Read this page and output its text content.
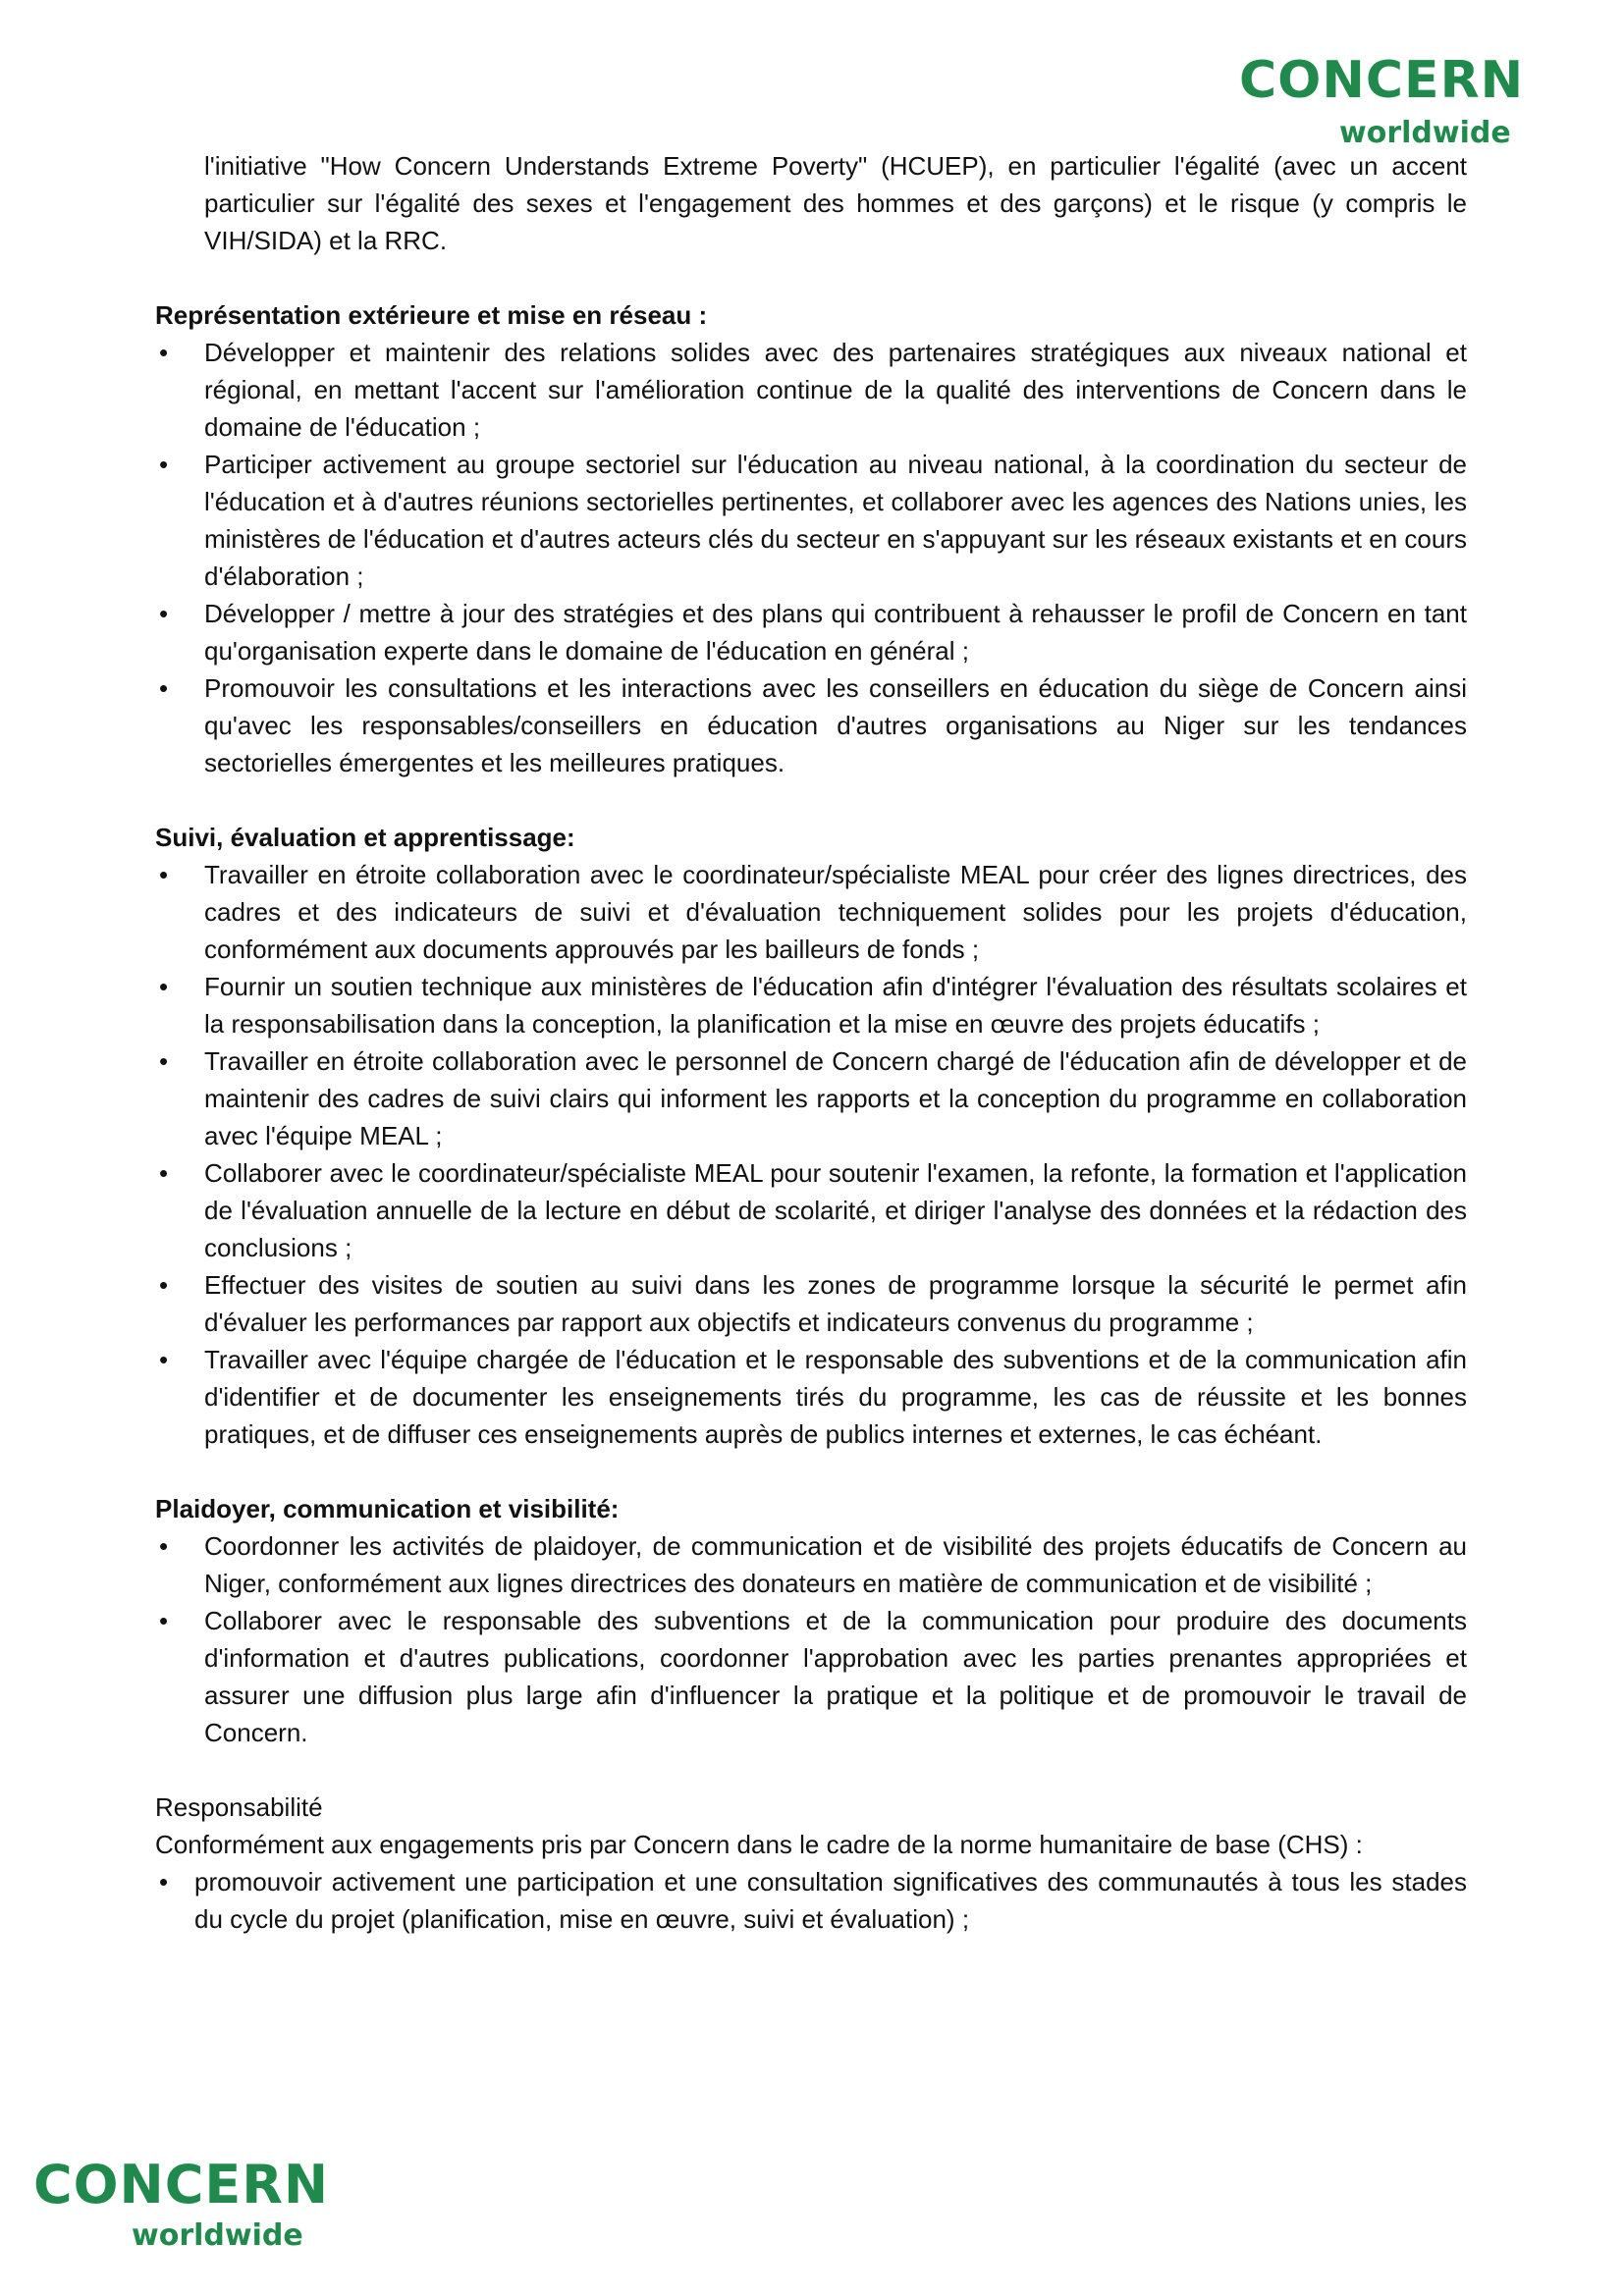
CONCERN
worldwide

l'initiative "How Concern Understands Extreme Poverty" (HCUEP), en particulier l'égalité (avec un accent particulier sur l'égalité des sexes et l'engagement des hommes et des garçons) et le risque (y compris le VIH/SIDA) et la RRC.

Représentation extérieure et mise en réseau :

• Développer et maintenir des relations solides avec des partenaires stratégiques aux niveaux national et régional, en mettant l'accent sur l'amélioration continue de la qualité des interventions de Concern dans le domaine de l'éducation ;
• Participer activement au groupe sectoriel sur l'éducation au niveau national, à la coordination du secteur de l'éducation et à d'autres réunions sectorielles pertinentes, et collaborer avec les agences des Nations unies, les ministères de l'éducation et d'autres acteurs clés du secteur en s'appuyant sur les réseaux existants et en cours d'élaboration ;
• Développer / mettre à jour des stratégies et des plans qui contribuent à rehausser le profil de Concern en tant qu'organisation experte dans le domaine de l'éducation en général ;
• Promouvoir les consultations et les interactions avec les conseillers en éducation du siège de Concern ainsi qu'avec les responsables/conseillers en éducation d'autres organisations au Niger sur les tendances sectorielles émergentes et les meilleures pratiques.

Suivi, évaluation et apprentissage:

• Travailler en étroite collaboration avec le coordinateur/spécialiste MEAL pour créer des lignes directrices, des cadres et des indicateurs de suivi et d'évaluation techniquement solides pour les projets d'éducation, conformément aux documents approuvés par les bailleurs de fonds ;
• Fournir un soutien technique aux ministères de l'éducation afin d'intégrer l'évaluation des résultats scolaires et la responsabilisation dans la conception, la planification et la mise en œuvre des projets éducatifs ;
• Travailler en étroite collaboration avec le personnel de Concern chargé de l'éducation afin de développer et de maintenir des cadres de suivi clairs qui informent les rapports et la conception du programme en collaboration avec l'équipe MEAL ;
• Collaborer avec le coordinateur/spécialiste MEAL pour soutenir l'examen, la refonte, la formation et l'application de l'évaluation annuelle de la lecture en début de scolarité, et diriger l'analyse des données et la rédaction des conclusions ;
• Effectuer des visites de soutien au suivi dans les zones de programme lorsque la sécurité le permet afin d'évaluer les performances par rapport aux objectifs et indicateurs convenus du programme ;
• Travailler avec l'équipe chargée de l'éducation et le responsable des subventions et de la communication afin d'identifier et de documenter les enseignements tirés du programme, les cas de réussite et les bonnes pratiques, et de diffuser ces enseignements auprès de publics internes et externes, le cas échéant.

Plaidoyer, communication et visibilité:

• Coordonner les activités de plaidoyer, de communication et de visibilité des projets éducatifs de Concern au Niger, conformément aux lignes directrices des donateurs en matière de communication et de visibilité ;
• Collaborer avec le responsable des subventions et de la communication pour produire des documents d'information et d'autres publications, coordonner l'approbation avec les parties prenantes appropriées et assurer une diffusion plus large afin d'influencer la pratique et la politique et de promouvoir le travail de Concern.

Responsabilité

Conformément aux engagements pris par Concern dans le cadre de la norme humanitaire de base (CHS) :

• promouvoir activement une participation et une consultation significatives des communautés à tous les stades du cycle du projet (planification, mise en œuvre, suivi et évaluation) ;
CONCERN
worldwide
